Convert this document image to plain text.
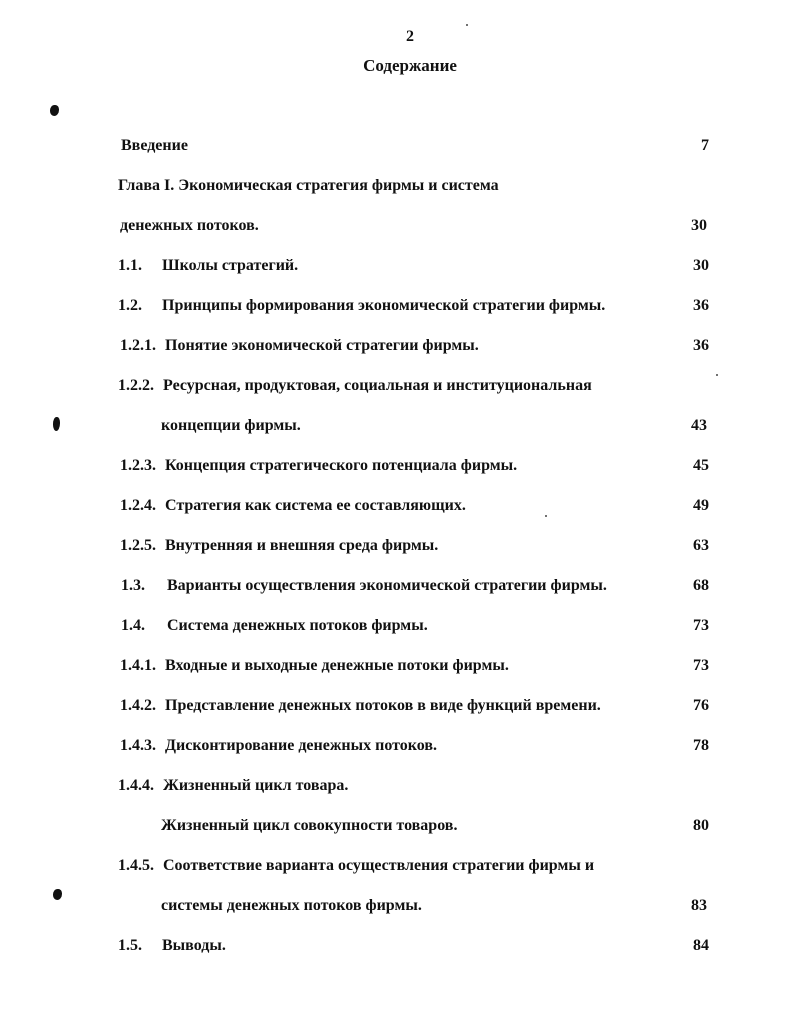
2
Содержание
Введение	7
Глава I. Экономическая стратегия фирмы и система
денежных потоков.	30
1.1. Школы стратегий.	30
1.2. Принципы формирования экономической стратегии фирмы.	36
1.2.1. Понятие экономической стратегии фирмы.	36
1.2.2. Ресурсная, продуктовая, социальная и институциональная
концепции фирмы.	43
1.2.3. Концепция стратегического потенциала фирмы.	45
1.2.4. Стратегия как система ее составляющих.	49
1.2.5. Внутренняя и внешняя среда фирмы.	63
1.3. Варианты осуществления экономической стратегии фирмы.	68
1.4. Система денежных потоков фирмы.	73
1.4.1. Входные и выходные денежные потоки фирмы.	73
1.4.2. Представление денежных потоков в виде функций времени.	76
1.4.3. Дисконтирование денежных потоков.	78
1.4.4. Жизненный цикл товара.
Жизненный цикл совокупности товаров.	80
1.4.5. Соответствие варианта осуществления стратегии фирмы и
системы денежных потоков фирмы.	83
1.5. Выводы.	84
